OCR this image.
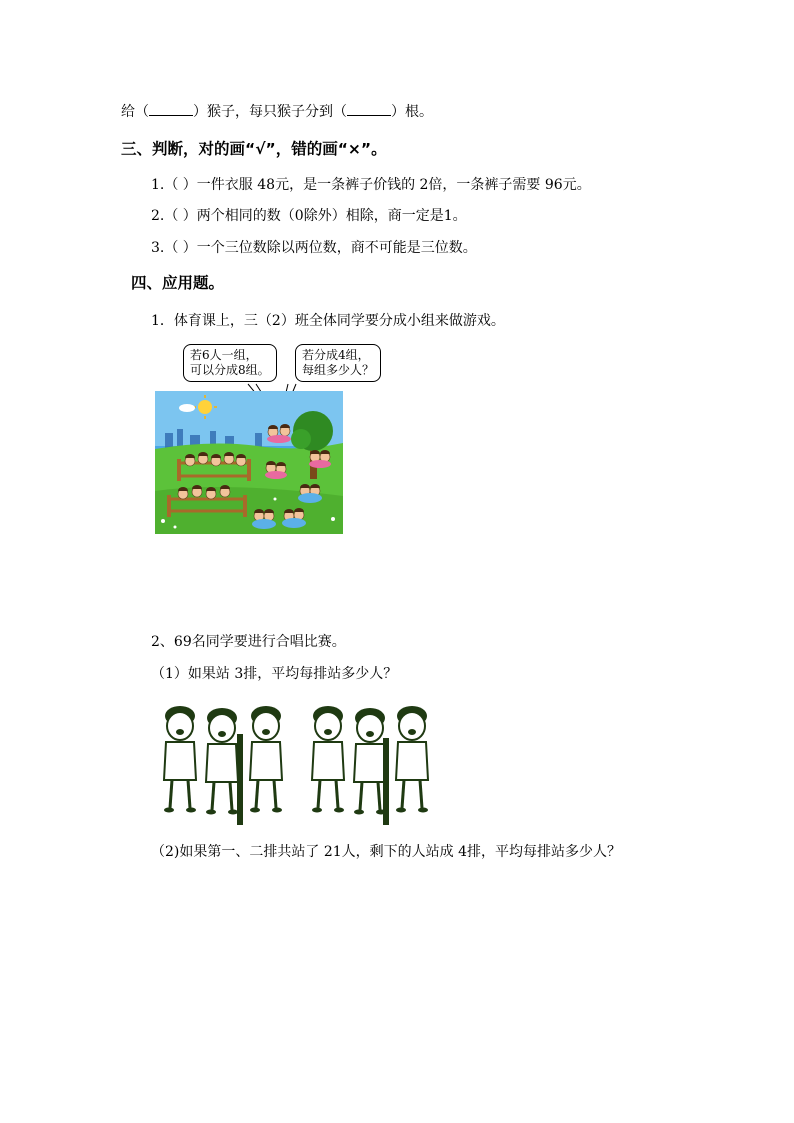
给（	）猴子，每只猴子分到（	）根。
三、判断，对的画“√”，错的画“×”。
1.（ ）一件衣服 48元，是一条裤子价钱的 2倍，一条裤子需要 96元。
2.（ ）两个相同的数（0除外）相除，商一定是1。
3.（ ）一个三位数除以两位数，商不可能是三位数。
四、应用题。
1．体育课上，三（2）班全体同学要分成小组来做游戏。
若6人一组，
可以分成8组。
若分成4组，
每组多少人？
2、69名同学要进行合唱比赛。
（1）如果站 3排，平均每排站多少人？
（2)如果第一、二排共站了 21人，剩下的人站成 4排，平均每排站多少人？
